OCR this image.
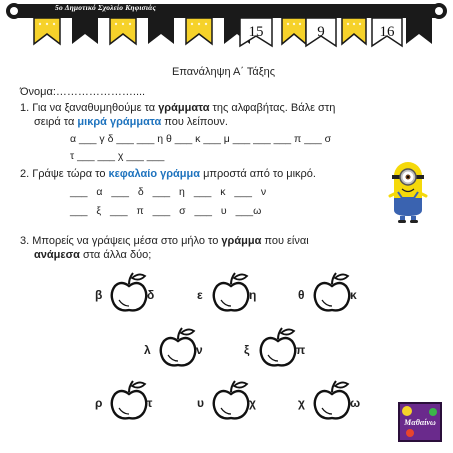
5ο Δημοτικό Σχολείο Κηφισιάς
15	9	16
Επανάληψη Α΄ Τάξης
Όνομα:…………………....
1. Για να ξαναθυμηθούμε τα γράμματα της αλφαβήτας. Βάλε στη
σειρά τα μικρά γράμματα που λείπουν.
α ___ γ δ ___ ___ η θ ___ κ ___ μ ___ ___ ___ π ___ σ
τ ___ ___ χ ___ ___
2. Γράψε τώρα το κεφαλαίο γράμμα μπροστά από το μικρό.
___ α ___ δ ___ η ___ κ ___ ν
___ ξ ___ π ___ σ ___ υ ___ω
3. Μπορείς να γράψεις μέσα στο μήλο το γράμμα που είναι
ανάμεσα στα άλλα δύο;
β	δ	ε	η	θ	κ
λ	ν	ξ	π
ρ	τ	υ	χ	χ	ω
Μαθαίνω
